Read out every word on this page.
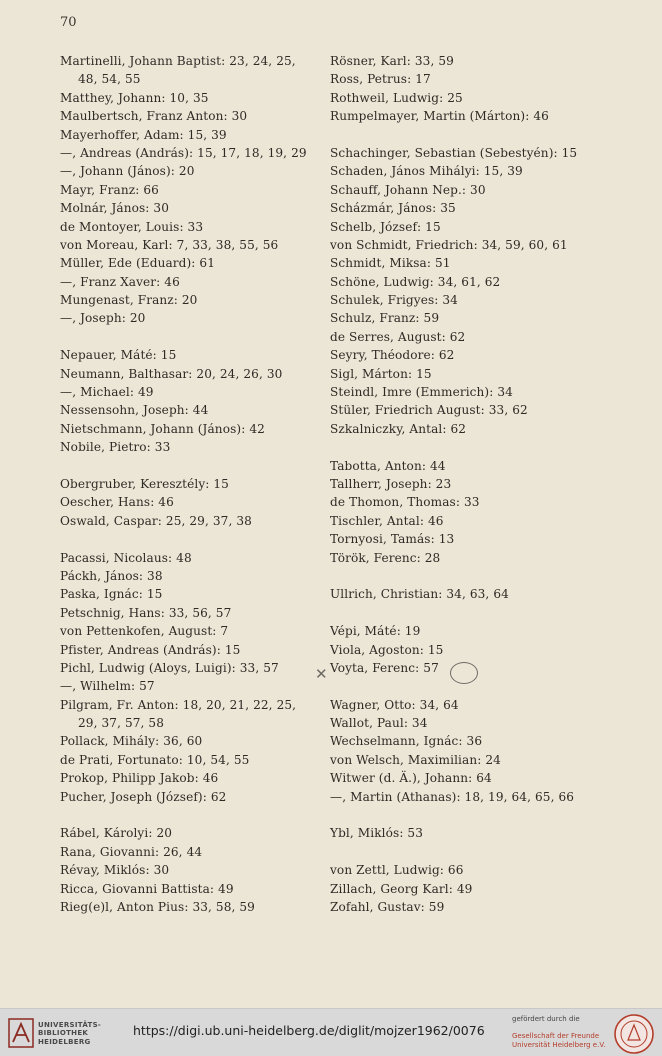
70
Martinelli, Johann Baptist: 23, 24, 25,
48, 54, 55
Matthey, Johann: 10, 35
Maulbertsch, Franz Anton: 30
Mayerhoffer, Adam: 15, 39
—, Andreas (András): 15, 17, 18, 19, 29
—, Johann (János): 20
Mayr, Franz: 66
Molnár, János: 30
de Montoyer, Louis: 33
von Moreau, Karl: 7, 33, 38, 55, 56
Müller, Ede (Eduard): 61
—, Franz Xaver: 46
Mungenast, Franz: 20
—, Joseph: 20
Nepauer, Máté: 15
Neumann, Balthasar: 20, 24, 26, 30
—, Michael: 49
Nessensohn, Joseph: 44
Nietschmann, Johann (János): 42
Nobile, Pietro: 33
Obergruber, Keresztély: 15
Oescher, Hans: 46
Oswald, Caspar: 25, 29, 37, 38
Pacassi, Nicolaus: 48
Páckh, János: 38
Paska, Ignác: 15
Petschnig, Hans: 33, 56, 57
von Pettenkofen, August: 7
Pfister, Andreas (András): 15
Pichl, Ludwig (Aloys, Luigi): 33, 57
—, Wilhelm: 57
Pilgram, Fr. Anton: 18, 20, 21, 22, 25,
29, 37, 57, 58
Pollack, Mihály: 36, 60
de Prati, Fortunato: 10, 54, 55
Prokop, Philipp Jakob: 46
Pucher, Joseph (József): 62
Rábel, Károlyi: 20
Rana, Giovanni: 26, 44
Révay, Miklós: 30
Ricca, Giovanni Battista: 49
Rieg(e)l, Anton Pius: 33, 58, 59
Rösner, Karl: 33, 59
Ross, Petrus: 17
Rothweil, Ludwig: 25
Rumpelmayer, Martin (Márton): 46
Schachinger, Sebastian (Sebestyén): 15
Schaden, János Mihályi: 15, 39
Schauff, Johann Nep.: 30
Scházmár, János: 35
Schelb, József: 15
von Schmidt, Friedrich: 34, 59, 60, 61
Schmidt, Miksa: 51
Schöne, Ludwig: 34, 61, 62
Schulek, Frigyes: 34
Schulz, Franz: 59
de Serres, August: 62
Seyry, Théodore: 62
Sigl, Márton: 15
Steindl, Imre (Emmerich): 34
Stüler, Friedrich August: 33, 62
Szkalniczky, Antal: 62
Tabotta, Anton: 44
Tallherr, Joseph: 23
de Thomon, Thomas: 33
Tischler, Antal: 46
Tornyosi, Tamás: 13
Török, Ferenc: 28
Ullrich, Christian: 34, 63, 64
Vépi, Máté: 19
Viola, Agoston: 15
Voyta, Ferenc: 57
Wagner, Otto: 34, 64
Wallot, Paul: 34
Wechselmann, Ignác: 36
von Welsch, Maximilian: 24
Witwer (d. Ä.), Johann: 64
—, Martin (Athanas): 18, 19, 64, 65, 66
Ybl, Miklós: 53
von Zettl, Ludwig: 66
Zillach, Georg Karl: 49
Zofahl, Gustav: 59
✕
UNIVERSITÄTS-
BIBLIOTHEK
HEIDELBERG
https://digi.ub.uni-heidelberg.de/diglit/mojzer1962/0076
gefördert durch die
Gesellschaft der Freunde
Universität Heidelberg e.V.
